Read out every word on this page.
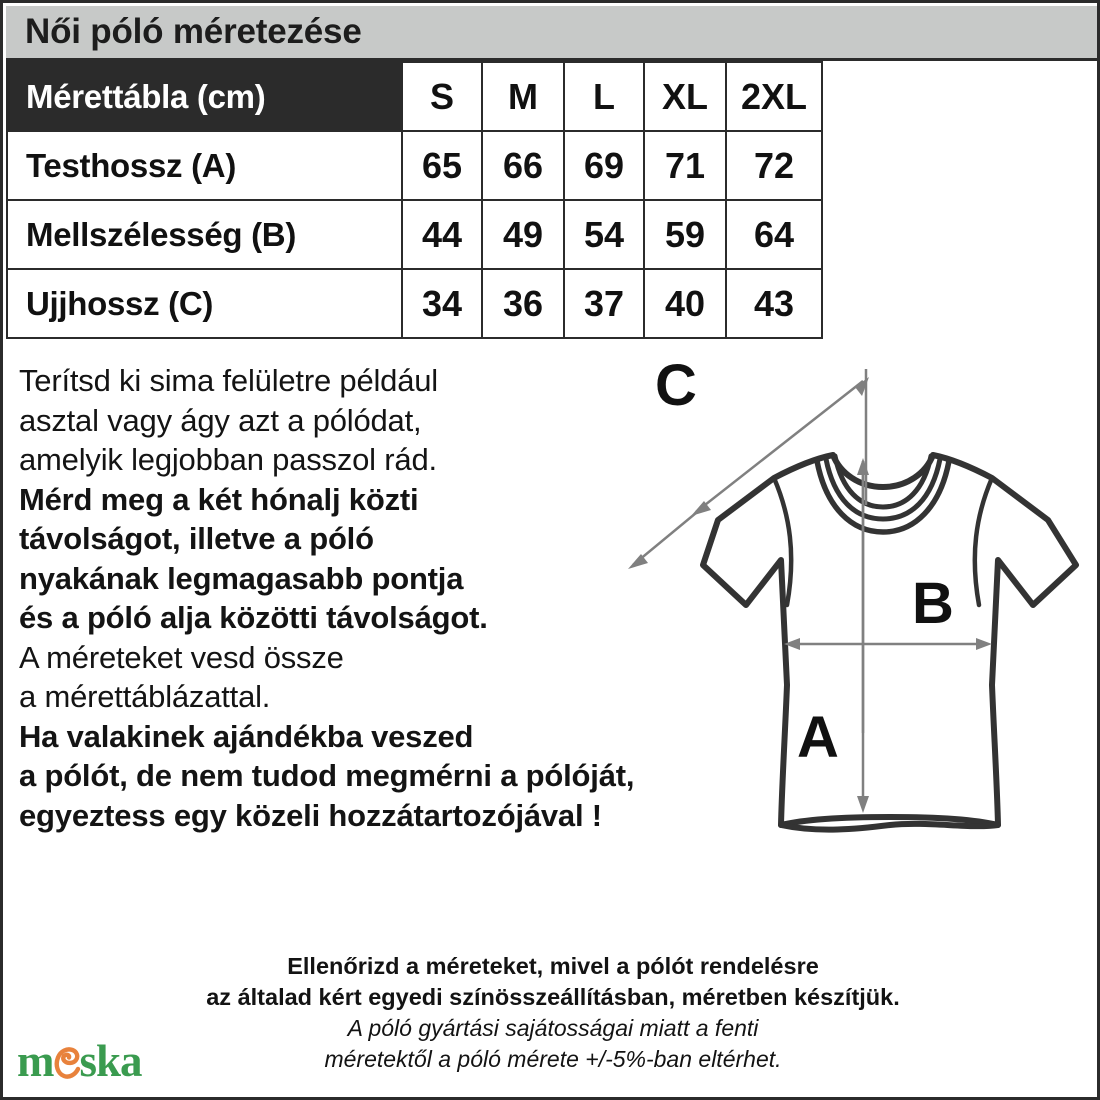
Női póló méretezése
Mérettábla (cm)	S	M	L	XL	2XL
Testhossz (A)	65	66	69	71	72
Mellszélesség (B)	44	49	54	59	64
Ujjhossz (C)	34	36	37	40	43
Terítsd ki sima felületre például
asztal vagy ágy azt a pólódat,
amelyik legjobban passzol rád.
Mérd meg a két hónalj közti
távolságot, illetve a póló
nyakának legmagasabb pontja
és a póló alja közötti távolságot.
A méreteket vesd össze
a mérettáblázattal.
Ha valakinek ajándékba veszed
a pólót, de nem tudod megmérni a pólóját,
egyeztess egy közeli hozzátartozójával !
A
B
C
Ellenőrizd a méreteket, mivel a pólót rendelésre
az általad kért egyedi színösszeállításban, méretben készítjük.
A póló gyártási sajátosságai miatt a fenti
méretektől a póló mérete +/-5%-ban eltérhet.
m ska
